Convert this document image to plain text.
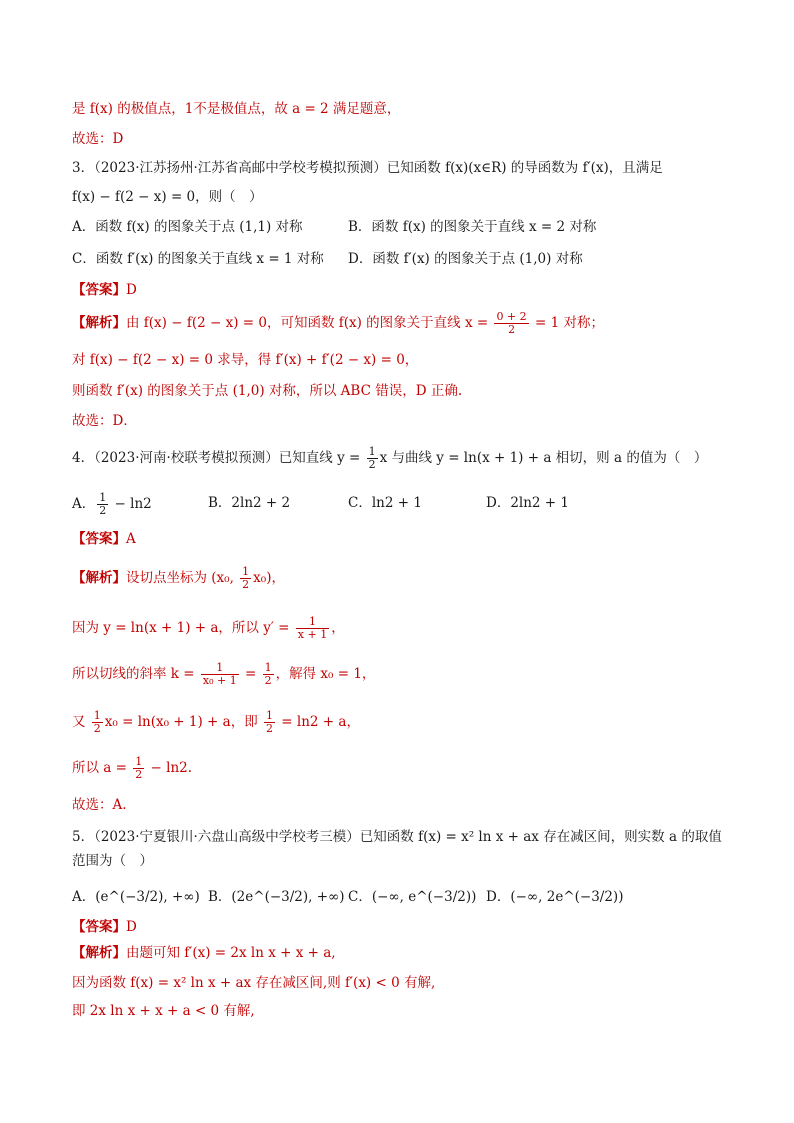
是 f(x) 的极值点，1不是极值点，故 a = 2 满足题意，
故选：D
3．（2023·江苏扬州·江苏省高邮中学校考模拟预测）已知函数 f(x)(x∈R) 的导函数为 f′(x)，且满足
f(x) − f(2 − x) = 0，则（　）
A．函数 f(x) 的图象关于点 (1,1) 对称	B．函数 f(x) 的图象关于直线 x = 2 对称
C．函数 f′(x) 的图象关于直线 x = 1 对称 D．函数 f′(x) 的图象关于点 (1,0) 对称
【答案】D
【解析】由 f(x) − f(2 − x) = 0，可知函数 f(x) 的图象关于直线 $x = \frac{0 + 2}{2} = 1$ 对称；
对 f(x) − f(2 − x) = 0 求导，得 f′(x) + f′(2 − x) = 0，
则函数 f′(x) 的图象关于点 (1,0) 对称，所以 ABC 错误，D 正确.
故选：D．
4．（2023·河南·校联考模拟预测）已知直线 $y = \frac{1}{2}$ x 与曲线 y = ln(x + 1) + a 相切，则 a 的值为（　）
A． $\frac{1}{2} - \ln 2$	B．2ln2 + 2	C．ln2 + 1	D．2ln2 + 1
【答案】A
【解析】设切点坐标为 (x₀, $\frac{1}{2} x_0$)，
因为 y = ln(x + 1) + a，所以 $y' = \frac{1}{x + 1}$ ，
所以切线的斜率 $k = \frac{1}{\text{x₀ + 1}} = \frac{1}{2}$ ，解得 x₀ = 1，
又 $\frac{1}{2} x_0 = \ln(x_0 + 1) + a$，即 $\frac{1}{2} = \ln 2 + a$，
所以 $a = \frac{1}{2} - \ln 2$.
故选：A.
5．（2023·宁夏银川·六盘山高级中学校考三模）已知函数 f(x) = x² ln x + ax 存在减区间，则实数 a 的取值
范围为（　）
A．(e^(−3/2), +∞) B．(2e^(−3/2), +∞) C．(−∞, e^(−3/2)) D．(−∞, 2e^(−3/2))
【答案】D
【解析】由题可知 f′(x) = 2x ln x + x + a,
因为函数 f(x) = x² ln x + ax 存在减区间,则 f′(x) < 0 有解,
即 2x ln x + x + a < 0 有解,
